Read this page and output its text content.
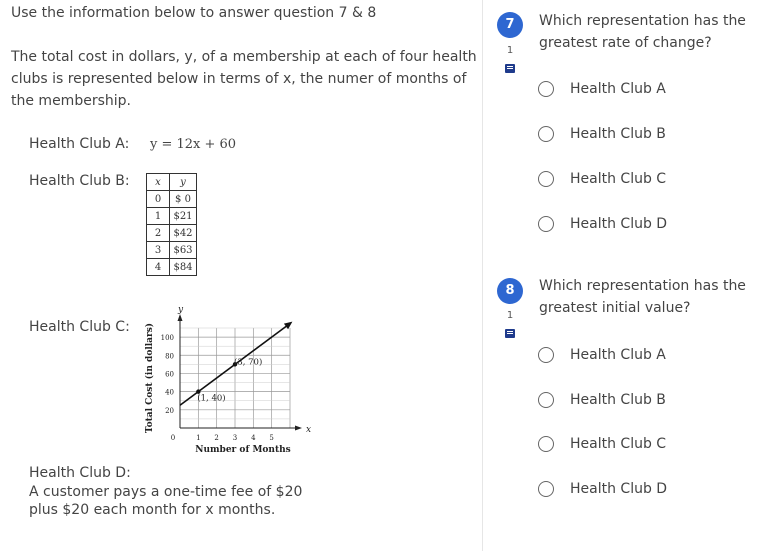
Use the information below to answer question 7 & 8
The total cost in dollars, y, of a membership at each of four health
clubs is represented below in terms of x, the numer of months of
the membership.
Health Club A: y = 12x + 60
Health Club B:	x	y
0	$ 0
1	$21
2	$42
3	$63
4	$84
Health Club C:
x
y
0	1 2 3 4 5
20
40
60
80
100
Number of Months
Total Cost (in dollars)	(1, 40)
(3, 70)
Health Club D:
A customer pays a one-time fee of $20
plus $20 each month for x months.
7
1
Which representation has the
greatest rate of change?
Health Club A
Health Club B
Health Club C
Health Club D
8
1
Which representation has the
greatest initial value?
Health Club A
Health Club B
Health Club C
Health Club D
